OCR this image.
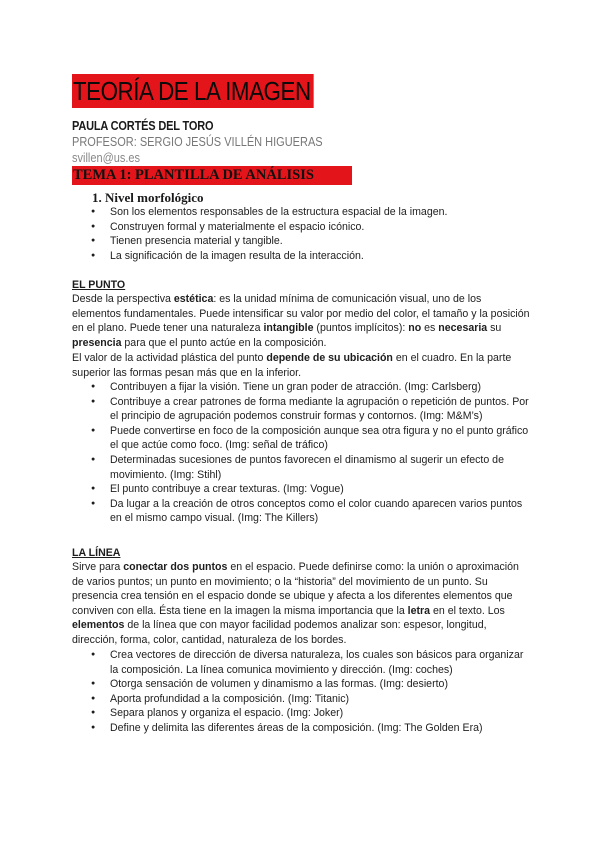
TEORÍA DE LA IMAGEN
PAULA CORTÉS DEL TORO
PROFESOR: SERGIO JESÚS VILLÉN HIGUERAS
svillen@us.es
TEMA 1: PLANTILLA DE ANÁLISIS
1. Nivel morfológico
● Son los elementos responsables de la estructura espacial de la imagen.
● Construyen formal y materialmente el espacio icónico.
● Tienen presencia material y tangible.
● La significación de la imagen resulta de la interacción.
EL PUNTO
Desde la perspectiva estética: es la unidad mínima de comunicación visual, uno de los elementos fundamentales. Puede intensificar su valor por medio del color, el tamaño y la posición en el plano. Puede tener una naturaleza intangible (puntos implícitos): no es necesaria su presencia para que el punto actúe en la composición.
El valor de la actividad plástica del punto depende de su ubicación en el cuadro. En la parte superior las formas pesan más que en la inferior.
● Contribuyen a fijar la visión. Tiene un gran poder de atracción. (Img: Carlsberg)
● Contribuye a crear patrones de forma mediante la agrupación o repetición de puntos. Por el principio de agrupación podemos construir formas y contornos. (Img: M&M’s)
● Puede convertirse en foco de la composición aunque sea otra figura y no el punto gráfico el que actúe como foco. (Img: señal de tráfico)
● Determinadas sucesiones de puntos favorecen el dinamismo al sugerir un efecto de movimiento. (Img: Stihl)
● El punto contribuye a crear texturas. (Img: Vogue)
● Da lugar a la creación de otros conceptos como el color cuando aparecen varios puntos en el mismo campo visual. (Img: The Killers)
LA LÍNEA
Sirve para conectar dos puntos en el espacio. Puede definirse como: la unión o aproximación de varios puntos; un punto en movimiento; o la “historia” del movimiento de un punto. Su presencia crea tensión en el espacio donde se ubique y afecta a los diferentes elementos que conviven con ella. Ésta tiene en la imagen la misma importancia que la letra en el texto. Los elementos de la línea que con mayor facilidad podemos analizar son: espesor, longitud, dirección, forma, color, cantidad, naturaleza de los bordes.
● Crea vectores de dirección de diversa naturaleza, los cuales son básicos para organizar la composición. La línea comunica movimiento y dirección. (Img: coches)
● Otorga sensación de volumen y dinamismo a las formas. (Img: desierto)
● Aporta profundidad a la composición. (Img: Titanic)
● Separa planos y organiza el espacio. (Img: Joker)
● Define y delimita las diferentes áreas de la composición. (Img: The Golden Era)
